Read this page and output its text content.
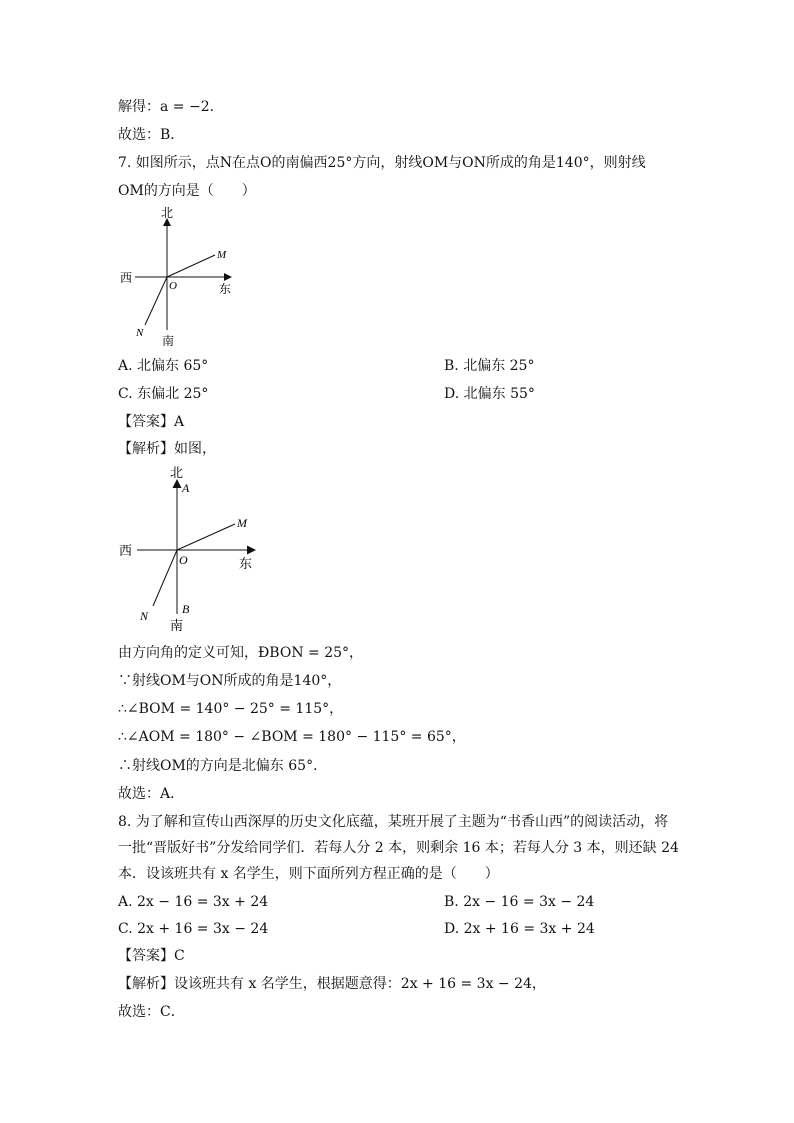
解得：a = −2．
故选：B．
7. 如图所示，点N在点O的南偏西25°方向，射线OM与ON所成的角是140°，则射线
OM的方向是（　　）
北
南
西
东
O
M
N
A. 北偏东 65°	B. 北偏东 25°
C. 东偏北 25°	D. 北偏东 55°
【答案】A
【解析】如图，
北
南
西
东
A
B
O
M
N
由方向角的定义可知，ÐBON = 25°，
∵射线OM与ON所成的角是140°，
∴∠BOM = 140° − 25° = 115°，
∴∠AOM = 180° − ∠BOM = 180° − 115° = 65°，
∴射线OM的方向是北偏东 65°．
故选：A．
8. 为了解和宣传山西深厚的历史文化底蕴，某班开展了主题为“书香山西”的阅读活动，将
一批“晋版好书”分发给同学们．若每人分 2 本，则剩余 16 本；若每人分 3 本，则还缺 24
本．设该班共有 x 名学生，则下面所列方程正确的是（　　）
A. 2x − 16 = 3x + 24	B. 2x − 16 = 3x − 24
C. 2x + 16 = 3x − 24	D. 2x + 16 = 3x + 24
【答案】C
【解析】设该班共有 x 名学生，根据题意得：2x + 16 = 3x − 24，
故选：C．
